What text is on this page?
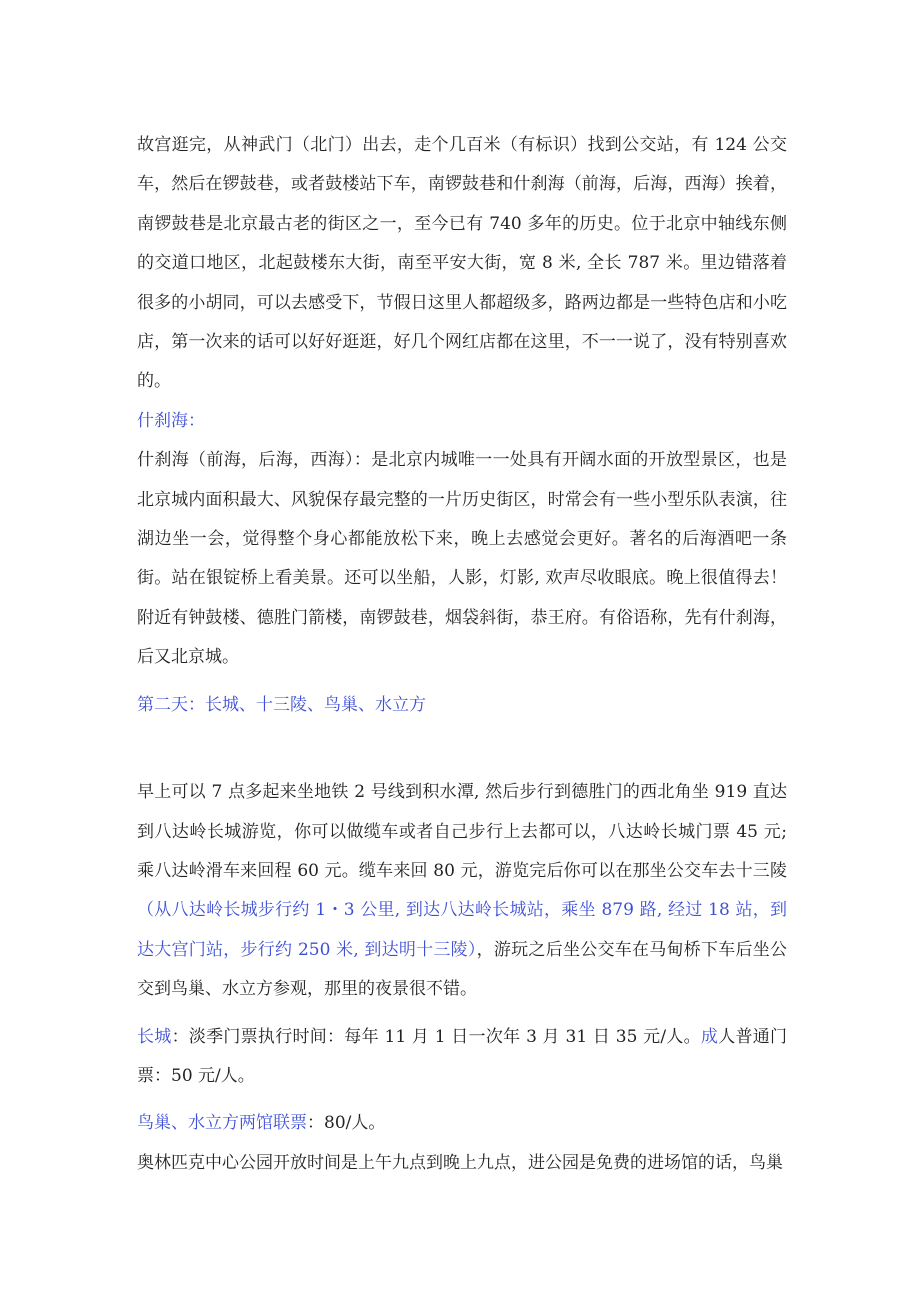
故宫逛完，从神武门（北门）出去，走个几百米（有标识）找到公交站，有 124 公交车，然后在锣鼓巷，或者鼓楼站下车，南锣鼓巷和什刹海（前海，后海，西海）挨着，南锣鼓巷是北京最古老的街区之一，至今已有 740 多年的历史。位于北京中轴线东侧的交道口地区，北起鼓楼东大街，南至平安大街，宽 8 米, 全长 787 米。里边错落着很多的小胡同，可以去感受下，节假日这里人都超级多，路两边都是一些特色店和小吃店，第一次来的话可以好好逛逛，好几个网红店都在这里，不一一说了，没有特别喜欢的。

什刹海：

什刹海（前海，后海，西海）：是北京内城唯一一处具有开阔水面的开放型景区，也是北京城内面积最大、风貌保存最完整的一片历史街区，时常会有一些小型乐队表演，往湖边坐一会，觉得整个身心都能放松下来，晚上去感觉会更好。著名的后海酒吧一条街。站在银锭桥上看美景。还可以坐船，人影，灯影, 欢声尽收眼底。晚上很值得去！附近有钟鼓楼、德胜门箭楼，南锣鼓巷，烟袋斜街，恭王府。有俗语称，先有什刹海，后又北京城。

第二天：长城、十三陵、鸟巢、水立方

早上可以 7 点多起来坐地铁 2 号线到积水潭, 然后步行到德胜门的西北角坐 919 直达到八达岭长城游览，你可以做缆车或者自己步行上去都可以，八达岭长城门票 45 元; 乘八达岭滑车来回程 60 元。缆车来回 80 元，游览完后你可以在那坐公交车去十三陵（从八达岭长城步行约 1・3 公里, 到达八达岭长城站，乘坐 879 路, 经过 18 站，到达大宫门站，步行约 250 米, 到达明十三陵），游玩之后坐公交车在马甸桥下车后坐公交到鸟巢、水立方参观，那里的夜景很不错。

长城：淡季门票执行时间：每年 11 月 1 日一次年 3 月 31 日 35 元/人。成人普通门票：50 元/人。

鸟巢、水立方两馆联票：80/人。

奥林匹克中心公园开放时间是上午九点到晚上九点，进公园是免费的进场馆的话，鸟巢
